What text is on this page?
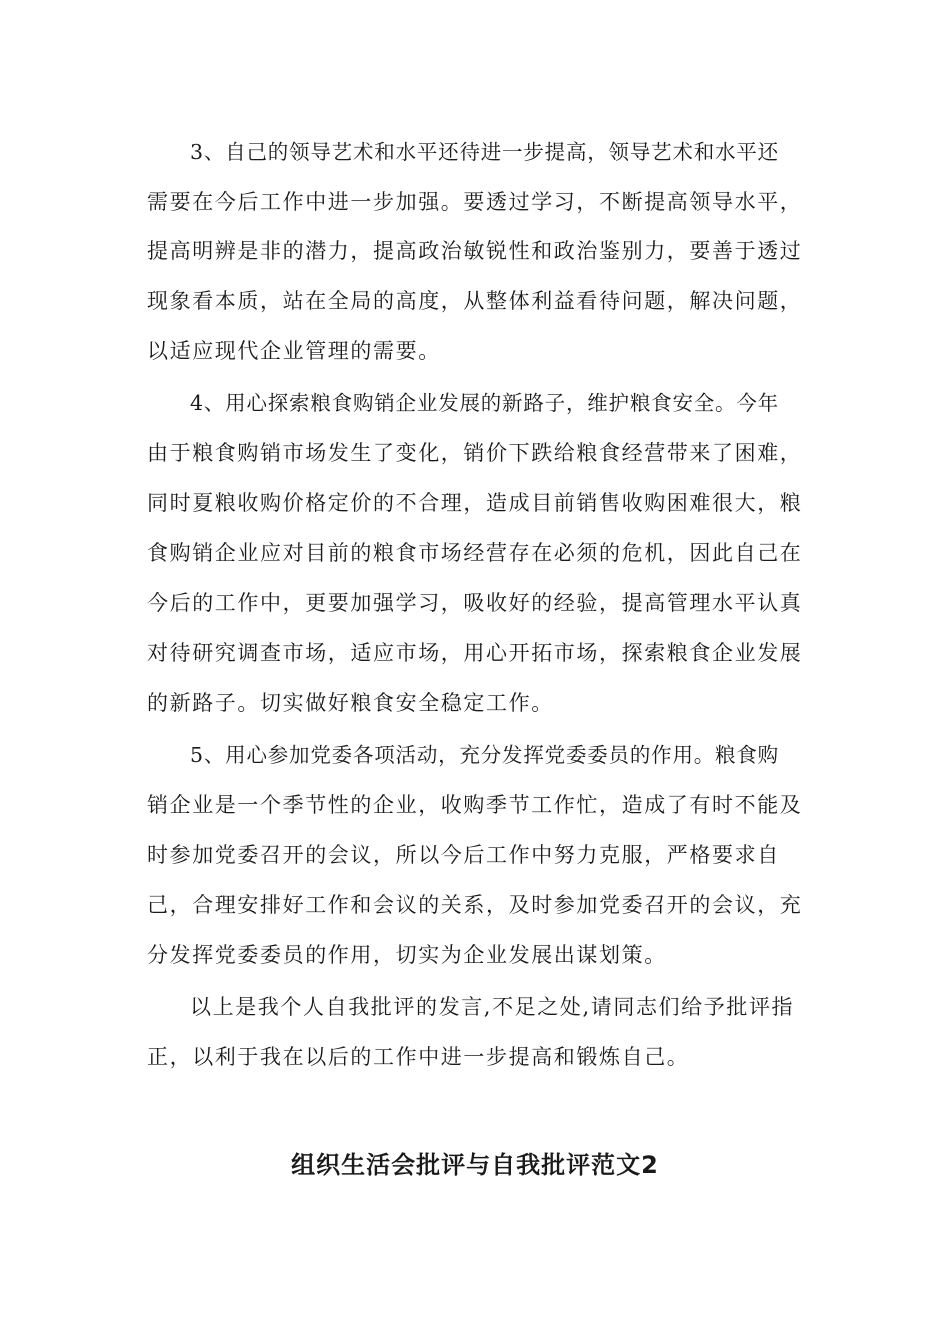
3、自己的领导艺术和水平还待进一步提高，领导艺术和水平还
需要在今后工作中进一步加强。要透过学习，不断提高领导水平，
提高明辨是非的潜力，提高政治敏锐性和政治鉴别力，要善于透过
现象看本质，站在全局的高度，从整体利益看待问题，解决问题，
以适应现代企业管理的需要。
4、用心探索粮食购销企业发展的新路子，维护粮食安全。今年
由于粮食购销市场发生了变化，销价下跌给粮食经营带来了困难，
同时夏粮收购价格定价的不合理，造成目前销售收购困难很大，粮
食购销企业应对目前的粮食市场经营存在必须的危机，因此自己在
今后的工作中，更要加强学习，吸收好的经验，提高管理水平认真
对待研究调查市场，适应市场，用心开拓市场，探索粮食企业发展
的新路子。切实做好粮食安全稳定工作。
5、用心参加党委各项活动，充分发挥党委委员的作用。粮食购
销企业是一个季节性的企业，收购季节工作忙，造成了有时不能及
时参加党委召开的会议，所以今后工作中努力克服，严格要求自
己，合理安排好工作和会议的关系，及时参加党委召开的会议，充
分发挥党委委员的作用，切实为企业发展出谋划策。
以上是我个人自我批评的发言,不足之处,请同志们给予批评指
正，以利于我在以后的工作中进一步提高和锻炼自己。
组织生活会批评与自我批评范文2
